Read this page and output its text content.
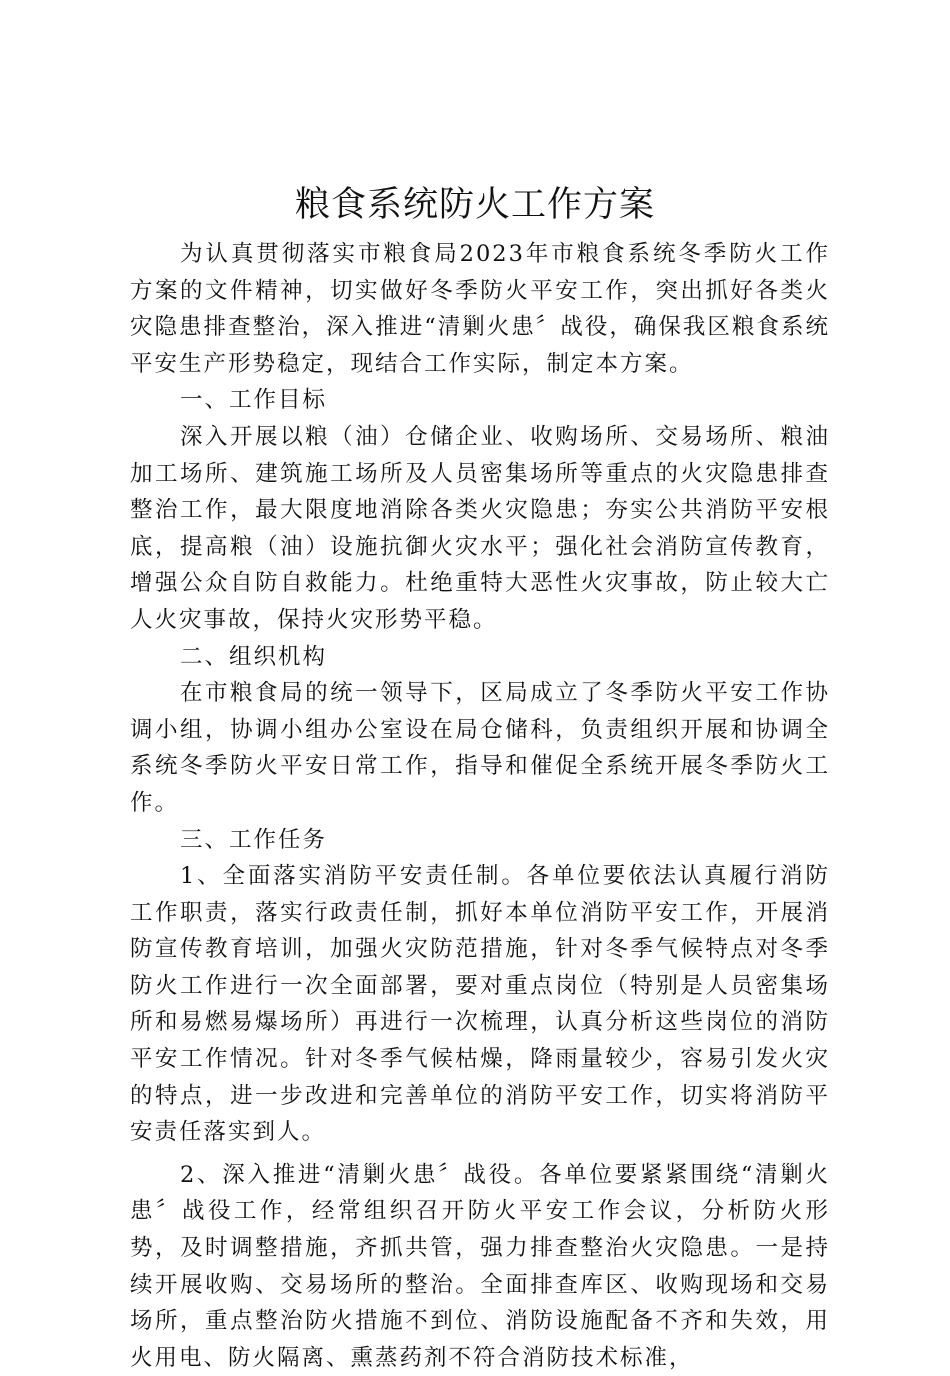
粮食系统防火工作方案

为认真贯彻落实市粮食局2023年市粮食系统冬季防火工作方案的文件精神，切实做好冬季防火平安工作，突出抓好各类火灾隐患排查整治，深入推进“清剿火患〞战役，确保我区粮食系统平安生产形势稳定，现结合工作实际，制定本方案。

一、工作目标

深入开展以粮（油）仓储企业、收购场所、交易场所、粮油加工场所、建筑施工场所及人员密集场所等重点的火灾隐患排查整治工作，最大限度地消除各类火灾隐患；夯实公共消防平安根底，提高粮（油）设施抗御火灾水平；强化社会消防宣传教育，增强公众自防自救能力。杜绝重特大恶性火灾事故，防止较大亡人火灾事故，保持火灾形势平稳。

二、组织机构

在市粮食局的统一领导下，区局成立了冬季防火平安工作协调小组，协调小组办公室设在局仓储科，负责组织开展和协调全系统冬季防火平安日常工作，指导和催促全系统开展冬季防火工作。

三、工作任务

1、全面落实消防平安责任制。各单位要依法认真履行消防工作职责，落实行政责任制，抓好本单位消防平安工作，开展消防宣传教育培训，加强火灾防范措施，针对冬季气候特点对冬季防火工作进行一次全面部署，要对重点岗位（特别是人员密集场所和易燃易爆场所）再进行一次梳理，认真分析这些岗位的消防平安工作情况。针对冬季气候枯燥，降雨量较少，容易引发火灾的特点，进一步改进和完善单位的消防平安工作，切实将消防平安责任落实到人。

2、深入推进“清剿火患〞战役。各单位要紧紧围绕“清剿火患〞战役工作，经常组织召开防火平安工作会议，分析防火形势，及时调整措施，齐抓共管，强力排查整治火灾隐患。一是持续开展收购、交易场所的整治。全面排查库区、收购现场和交易场所，重点整治防火措施不到位、消防设施配备不齐和失效，用火用电、防火隔离、熏蒸药剂不符合消防技术标准，
